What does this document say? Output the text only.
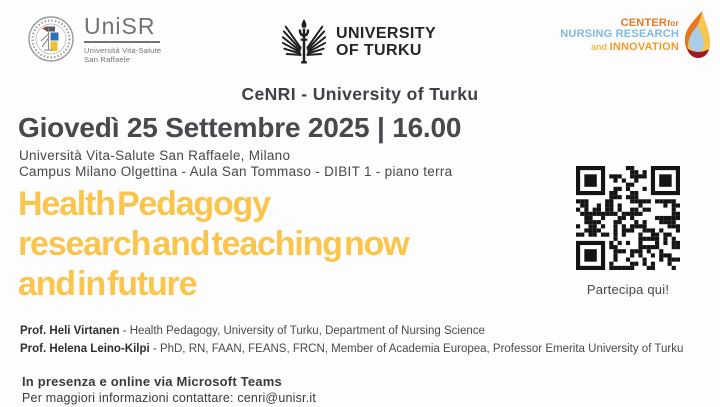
UniSR
Università Vita-Salute
San Raffaele
UNIVERSITY
OF TURKU
CENTERfor
NURSING RESEARCH
and INNOVATION
CeNRI - University of Turku
Giovedì 25 Settembre 2025 | 16.00
Università Vita-Salute San Raffaele, Milano
Campus Milano Olgettina - Aula San Tommaso - DIBIT 1 - piano terra
Health Pedagogy
research and teaching now
and in future	Partecipa qui!
Prof. Heli Virtanen - Health Pedagogy, University of Turku, Department of Nursing Science
Prof. Helena Leino-Kilpi - PhD, RN, FAAN, FEANS, FRCN, Member of Academia Europea, Professor Emerita University of Turku
In presenza e online via Microsoft Teams
Per maggiori informazioni contattare: cenri@unisr.it
